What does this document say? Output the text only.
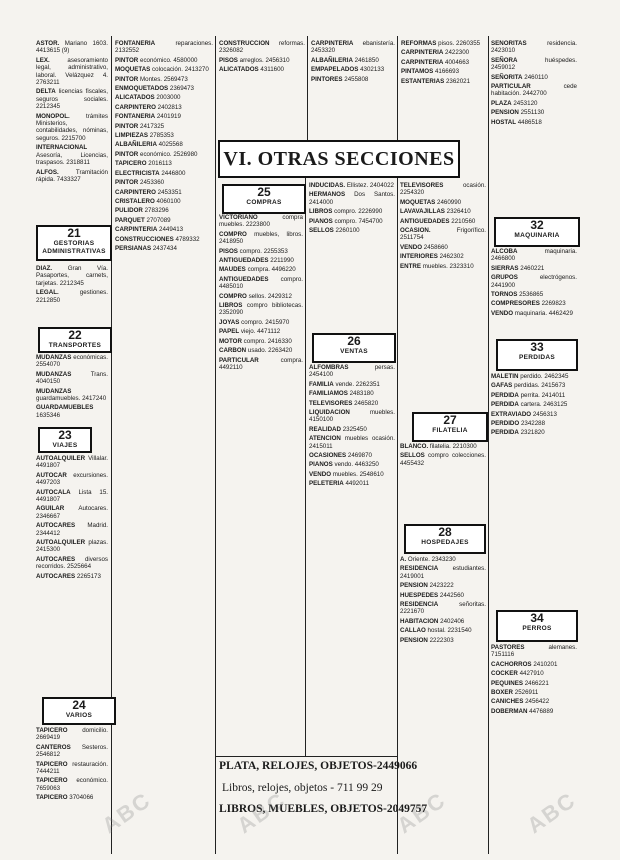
ASTOR. Mariano 1603. 4413615 (9)

LEX.	asesoramiento legal, administrativo, laboral. Velázquez 4. 2763211

DELTA licencias fiscales, seguros sociales. 2212345

MONOPOL.	trámites Ministerios, contabilidades, nóminas, seguros. 2215700

INTERNACIONAL Asesoría, Licencias, traspasos. 2318811

ALFOS.	Tramitación rápida. 7433327

21
GESTORIAS ADMINISTRATIVAS

DIAZ.	Gran Vía. Pasaportes, carnets, tarjetas. 2212345

LEGAL.	gestiones. 2212850

22
TRANSPORTES

MUDANZAS económicas. 2554070

MUDANZAS	Trans. 4040150

MUDANZAS guardamuebles. 2417240

GUARDAMUEBLES 1635346

23
VIAJES

AUTOALQUILER Villalar. 4491807

AUTOCAR excursiones. 4497203

AUTOCALA Lista 15. 4491807

AGUILAR Autocares. 2346667

AUTOCARES Madrid. 2344412

AUTOALQUILER plazas. 2415300

AUTOCARES diversos recorridos. 2525664

AUTOCARES 2265173

24
VARIOS

TAPICERO domicilio. 2669419

CANTEROS Sesteros. 2546812

TAPICERO restauración. 7444211

TAPICERO económico. 7659063

TAPICERO 3704066

FONTANERIA	reparaciones. 2132552

PINTOR económico. 4580000

MOQUETAS colocación. 2413270

PINTOR Montes. 2569473

ENMOQUETADOS 2369473

ALICATADOS 2003000

CARPINTERO 2402813

FONTANERIA 2401919

PINTOR 2417325

LIMPIEZAS 2785353

ALBAÑILERIA 4025568

PINTOR económico. 2526980

TAPICERO 2016113

ELECTRICISTA 2446800

PINTOR 2453360

CARPINTERO 2453351

CRISTALERO 4060100

PULIDOR 2783296

PARQUET 2707089

CARPINTERIA 2449413

CONSTRUCCIONES 4789332

PERSIANAS 2437434

CONSTRUCCION reformas. 2326082

PISOS arreglos. 2456310

ALICATADOS 4311600

VI. OTRAS SECCIONES
25
COMPRAS

VICTORIANO	compra muebles. 2223800

COMPRO muebles, libros. 2418950

PISOS compro. 2255353

ANTIGUEDADES 2211990

MAUDES compra. 4496220

ANTIGUEDADES compro. 4485010

COMPRO sellos. 2429312

LIBROS compro bibliotecas. 2352090

JOYAS compro. 2415970

PAPEL viejo. 4471112

MOTOR compro. 2416330

CARBON usado. 2263420

PARTICULAR	compra. 4492110

CARPINTERIA ebanistería. 2453320

ALBAÑILERIA 2461850

EMPAPELADOS 4302133

PINTORES 2455808

INDUCIDAS. Ellistez. 2404022

HERMANOS Dos Santos. 2414000

LIBROS compro. 2226990

PIANOS compro. 7454700

SELLOS 2260100

26
VENTAS

ALFOMBRAS	persas. 2454100

FAMILIA vende. 2262351

FAMILIAMOS 2483180

TELEVISORES 2465820

LIQUIDACION	muebles. 4150100

REALIDAD 2325450

ATENCION muebles ocasión. 2415011

OCASIONES 2469870

PIANOS vendo. 4463250

VENDO muebles. 2548610

PELETERIA 4492011

PLATA, RELOJES, OBJETOS-2449066
Libros, relojes, objetos - 711 99 29
LIBROS, MUEBLES, OBJETOS-2049757

REFORMAS pisos. 2260355

CARPINTERIA 2422300

CARPINTERIA 4004663

PINTAMOS 4166693

ESTANTERIAS 2362021

TELEVISORES	ocasión. 2254320

MOQUETAS 2460990

LAVAVAJILLAS 2326410

ANTIGUEDADES 2210560

OCASION.	Frigorífico. 2511754

VENDO 2458660

INTERIORES 2462302

ENTRE muebles. 2323310

27
FILATELIA

BLANCO. filatelia. 2210300

SELLOS compro colecciones. 4455432

28
HOSPEDAJES

A. Oriente. 2343230

RESIDENCIA estudiantes. 2419001

PENSION 2423222

HUESPEDES 2442560

RESIDENCIA	señoritas. 2221670

HABITACION 2402406

CALLAO hostal. 2231540

PENSION 2222303

SEÑORITAS	residencia. 2423010

SEÑORA	huéspedes. 2459012

SEÑORITA 2460110

PARTICULAR	cede habitación. 2442700

PLAZA 2453120

PENSION 2551130

HOSTAL 4486518

32
MAQUINARIA

ALCOBA	maquinaria. 2466800

SIERRAS 2460221

GRUPOS	electrógenos. 2441900

TORNOS 2536865

COMPRESORES 2269823

VENDO maquinaria. 4462429

33
PERDIDAS

MALETIN perdido. 2462345

GAFAS perdidas. 2415673

PERDIDA perrita. 2414011

PERDIDA cartera. 2463125

EXTRAVIADO 2456313

PERDIDO 2342288

PERDIDA 2321820

34
PERROS

PASTORES	alemanes. 7151116

CACHORROS 2410201

COCKER 4427910

PEQUINES 2466221

BOXER 2526911

CANICHES 2456422

DOBERMAN 4476889

ABC	ABC	ABC	ABC
